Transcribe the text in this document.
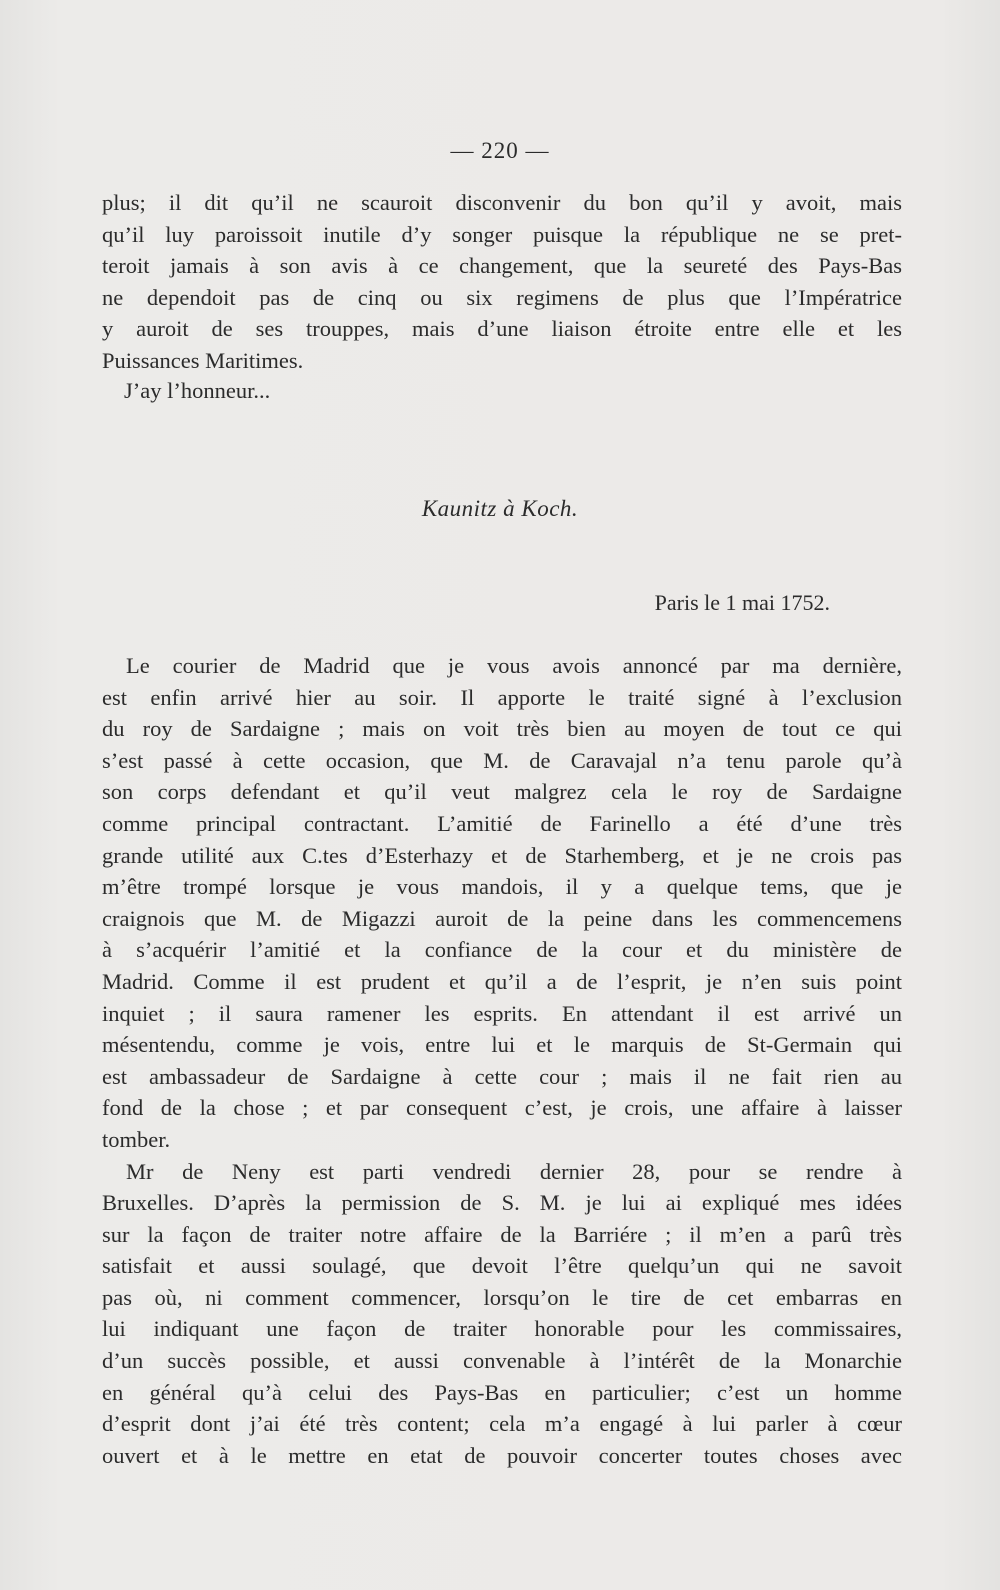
— 220 —
plus; il dit qu’il ne scauroit disconvenir du bon qu’il y avoit, mais
qu’il luy paroissoit inutile d’y songer puisque la république ne se pret-
teroit jamais à son avis à ce changement, que la seureté des Pays-Bas
ne dependoit pas de cinq ou six regimens de plus que l’Impératrice
y auroit de ses trouppes, mais d’une liaison étroite entre elle et les
Puissances Maritimes.
J’ay l’honneur...
Kaunitz à Koch.
Paris le 1 mai 1752.
Le courier de Madrid que je vous avois annoncé par ma dernière,
est enfin arrivé hier au soir. Il apporte le traité signé à l’exclusion
du roy de Sardaigne ; mais on voit très bien au moyen de tout ce qui
s’est passé à cette occasion, que M. de Caravajal n’a tenu parole qu’à
son corps defendant et qu’il veut malgrez cela le roy de Sardaigne
comme principal contractant. L’amitié de Farinello a été d’une très
grande utilité aux C.tes d’Esterhazy et de Starhemberg, et je ne crois pas
m’être trompé lorsque je vous mandois, il y a quelque tems, que je
craignois que M. de Migazzi auroit de la peine dans les commencemens
à s’acquérir l’amitié et la confiance de la cour et du ministère de
Madrid. Comme il est prudent et qu’il a de l’esprit, je n’en suis point
inquiet ; il saura ramener les esprits. En attendant il est arrivé un
mésentendu, comme je vois, entre lui et le marquis de St-Germain qui
est ambassadeur de Sardaigne à cette cour ; mais il ne fait rien au
fond de la chose ; et par consequent c’est, je crois, une affaire à laisser
tomber.
Mr de Neny est parti vendredi dernier 28, pour se rendre à
Bruxelles. D’après la permission de S. M. je lui ai expliqué mes idées
sur la façon de traiter notre affaire de la Barriére ; il m’en a parû très
satisfait et aussi soulagé, que devoit l’être quelqu’un qui ne savoit
pas où, ni comment commencer, lorsqu’on le tire de cet embarras en
lui indiquant une façon de traiter honorable pour les commissaires,
d’un succès possible, et aussi convenable à l’intérêt de la Monarchie
en général qu’à celui des Pays-Bas en particulier; c’est un homme
d’esprit dont j’ai été très content; cela m’a engagé à lui parler à cœur
ouvert et à le mettre en etat de pouvoir concerter toutes choses avec
